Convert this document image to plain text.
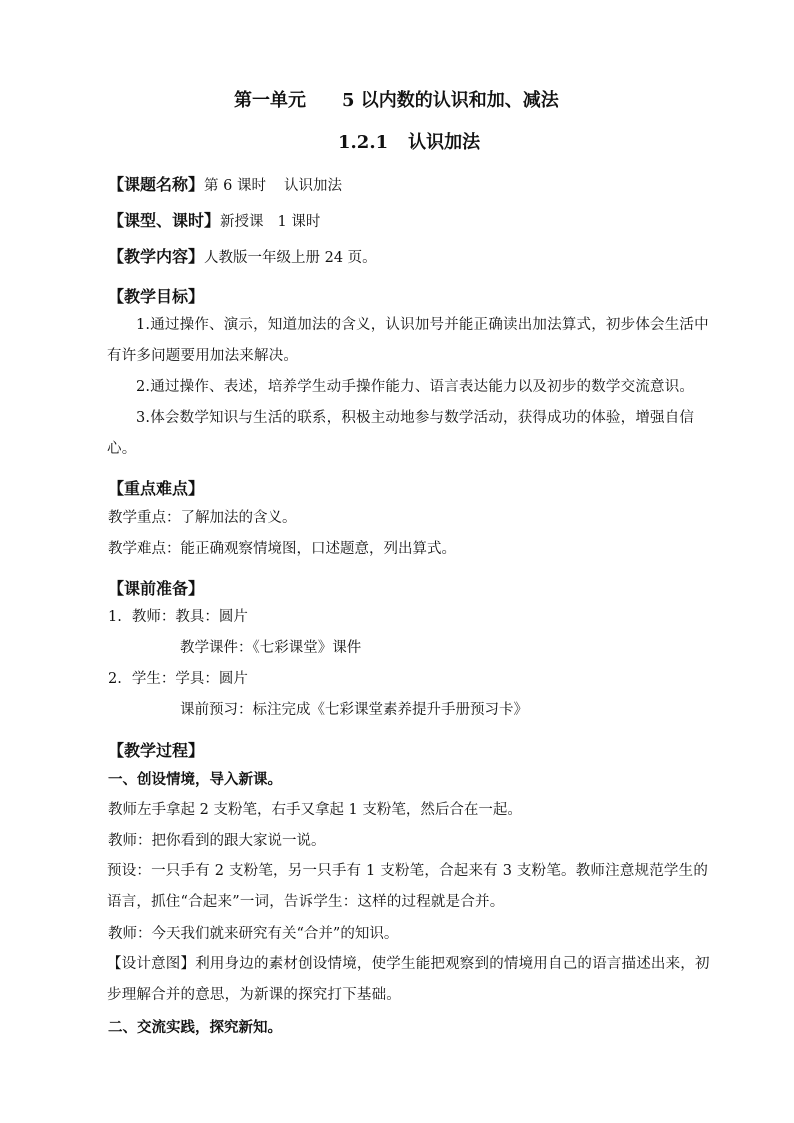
第一单元 5 以内数的认识和加、减法
1.2.1 认识加法
【课题名称】第 6 课时 认识加法
【课型、课时】新授课 1 课时
【教学内容】人教版一年级上册 24 页。
【教学目标】
1.通过操作、演示，知道加法的含义，认识加号并能正确读出加法算式，初步体会生活中有许多问题要用加法来解决。
2.通过操作、表述，培养学生动手操作能力、语言表达能力以及初步的数学交流意识。
3.体会数学知识与生活的联系，积极主动地参与数学活动，获得成功的体验，增强自信心。
【重点难点】
教学重点：了解加法的含义。
教学难点：能正确观察情境图，口述题意，列出算式。
【课前准备】
1. 教师：教具：圆片
教学课件：《七彩课堂》课件
2. 学生：学具：圆片
课前预习：标注完成《七彩课堂素养提升手册预习卡》
【教学过程】
一、创设情境，导入新课。
教师左手拿起 2 支粉笔，右手又拿起 1 支粉笔，然后合在一起。
教师：把你看到的跟大家说一说。
预设：一只手有 2 支粉笔，另一只手有 1 支粉笔，合起来有 3 支粉笔。教师注意规范学生的语言，抓住“合起来”一词，告诉学生：这样的过程就是合并。
教师：今天我们就来研究有关“合并”的知识。
【设计意图】利用身边的素材创设情境，使学生能把观察到的情境用自己的语言描述出来，初步理解合并的意思，为新课的探究打下基础。
二、交流实践，探究新知。
